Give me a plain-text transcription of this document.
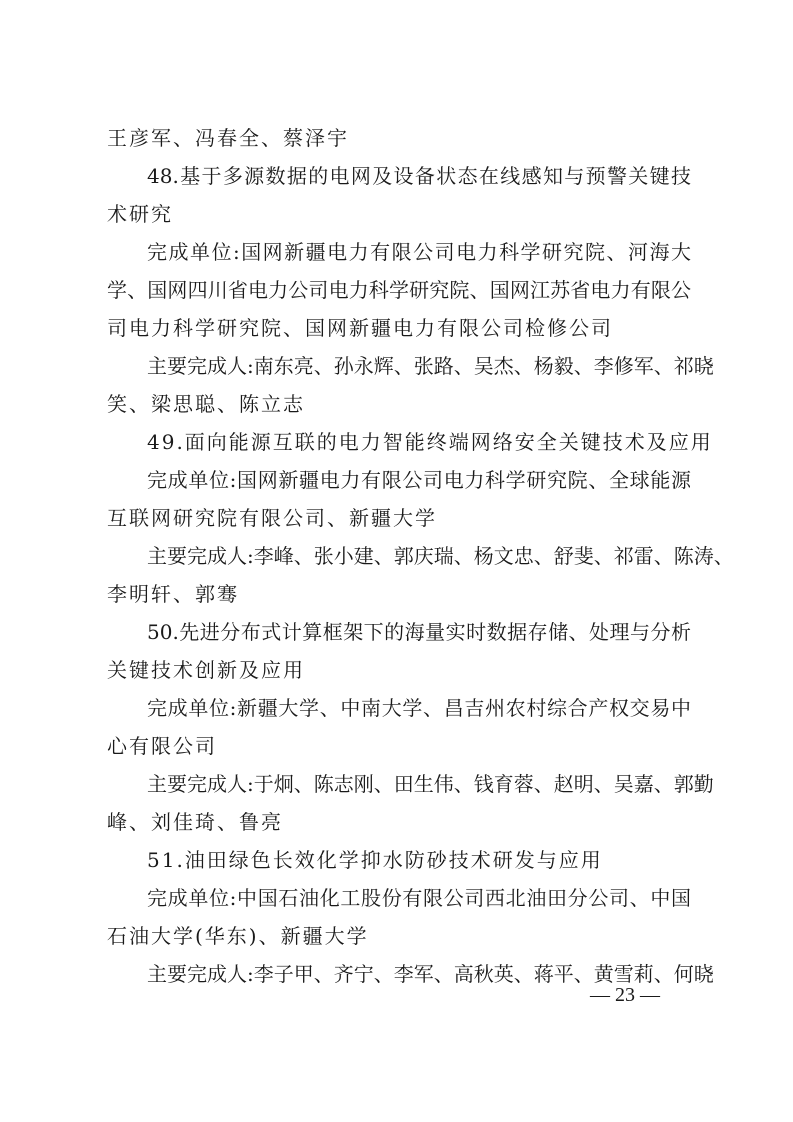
王彦军、冯春全、蔡泽宇
48.基于多源数据的电网及设备状态在线感知与预警关键技
术研究
完成单位:国网新疆电力有限公司电力科学研究院、河海大
学、国网四川省电力公司电力科学研究院、国网江苏省电力有限公
司电力科学研究院、国网新疆电力有限公司检修公司
主要完成人:南东亮、孙永辉、张路、吴杰、杨毅、李修军、祁晓
笑、梁思聪、陈立志
49.面向能源互联的电力智能终端网络安全关键技术及应用
完成单位:国网新疆电力有限公司电力科学研究院、全球能源
互联网研究院有限公司、新疆大学
主要完成人:李峰、张小建、郭庆瑞、杨文忠、舒斐、祁雷、陈涛、
李明轩、郭骞
50.先进分布式计算框架下的海量实时数据存储、处理与分析
关键技术创新及应用
完成单位:新疆大学、中南大学、昌吉州农村综合产权交易中
心有限公司
主要完成人:于炯、陈志刚、田生伟、钱育蓉、赵明、吴嘉、郭勤
峰、刘佳琦、鲁亮
51.油田绿色长效化学抑水防砂技术研发与应用
完成单位:中国石油化工股份有限公司西北油田分公司、中国
石油大学(华东)、新疆大学
主要完成人:李子甲、齐宁、李军、高秋英、蒋平、黄雪莉、何晓
— 23 —
